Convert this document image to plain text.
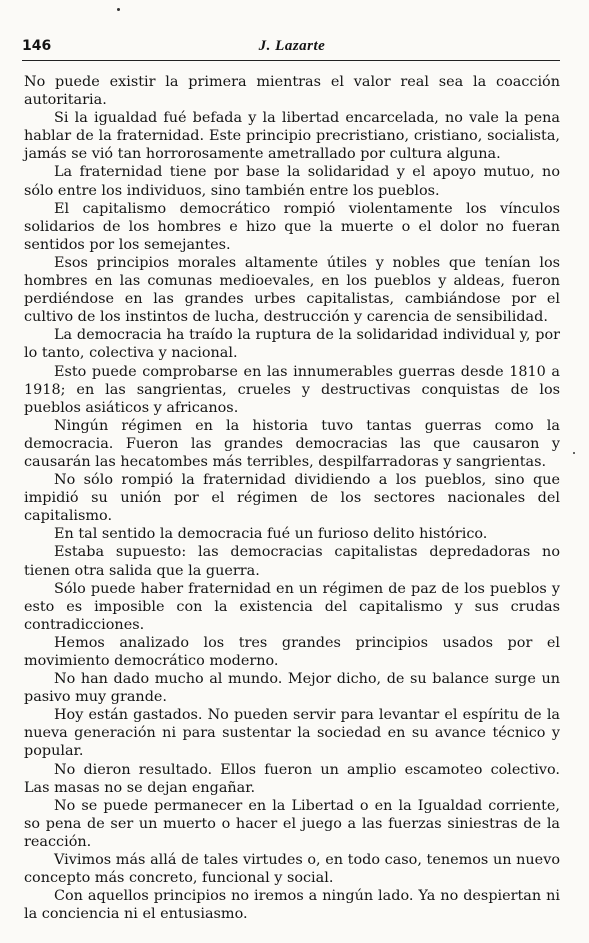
146	J. Lazarte

No puede existir la primera mientras el valor real sea la coacción autoritaria.

Si la igualdad fué befada y la libertad encarcelada, no vale la pena hablar de la fraternidad. Este principio precristiano, cristiano, socialista, jamás se vió tan horrorosamente ametrallado por cultura alguna.

La fraternidad tiene por base la solidaridad y el apoyo mutuo, no sólo entre los individuos, sino también entre los pueblos.

El capitalismo democrático rompió violentamente los vínculos solidarios de los hombres e hizo que la muerte o el dolor no fueran sentidos por los semejantes.

Esos principios morales altamente útiles y nobles que tenían los hombres en las comunas medioevales, en los pueblos y aldeas, fueron perdiéndose en las grandes urbes capitalistas, cambiándose por el cultivo de los instintos de lucha, destrucción y carencia de sensibilidad.

La democracia ha traído la ruptura de la solidaridad individual y, por lo tanto, colectiva y nacional.

Esto puede comprobarse en las innumerables guerras desde 1810 a 1918; en las sangrientas, crueles y destructivas conquistas de los pueblos asiáticos y africanos.

Ningún régimen en la historia tuvo tantas guerras como la democracia. Fueron las grandes democracias las que causaron y causarán las hecatombes más terribles, despilfarradoras y sangrientas.

No sólo rompió la fraternidad dividiendo a los pueblos, sino que impidió su unión por el régimen de los sectores nacionales del capitalismo.

En tal sentido la democracia fué un furioso delito histórico.

Estaba supuesto: las democracias capitalistas depredadoras no tienen otra salida que la guerra.

Sólo puede haber fraternidad en un régimen de paz de los pueblos y esto es imposible con la existencia del capitalismo y sus crudas contradicciones.

Hemos analizado los tres grandes principios usados por el movimiento democrático moderno.

No han dado mucho al mundo. Mejor dicho, de su balance surge un pasivo muy grande.

Hoy están gastados. No pueden servir para levantar el espíritu de la nueva generación ni para sustentar la sociedad en su avance técnico y popular.

No dieron resultado. Ellos fueron un amplio escamoteo colectivo. Las masas no se dejan engañar.

No se puede permanecer en la Libertad o en la Igualdad corriente, so pena de ser un muerto o hacer el juego a las fuerzas siniestras de la reacción.

Vivimos más allá de tales virtudes o, en todo caso, tenemos un nuevo concepto más concreto, funcional y social.

Con aquellos principios no iremos a ningún lado. Ya no despiertan ni la conciencia ni el entusiasmo.
